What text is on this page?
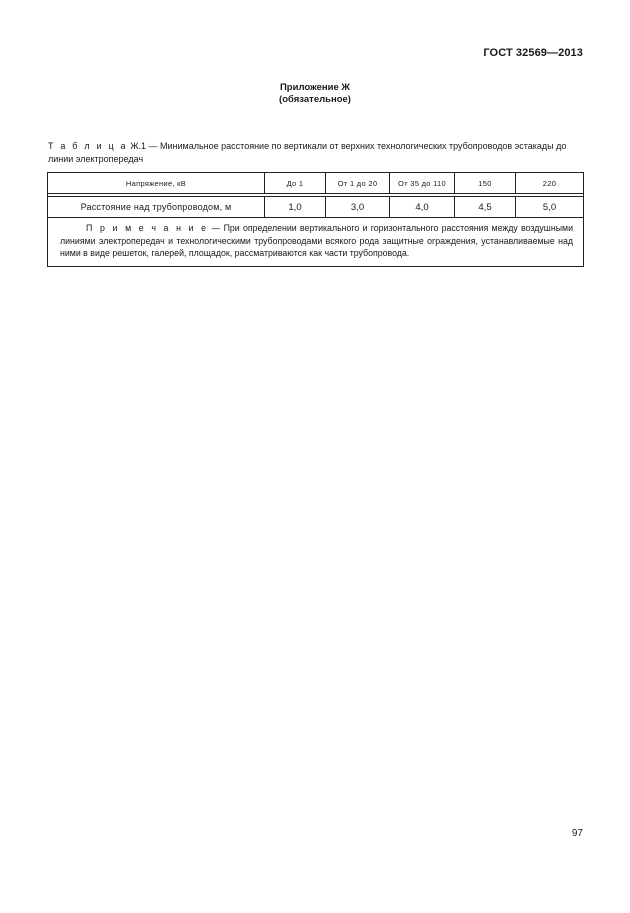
ГОСТ 32569—2013
Приложение Ж
(обязательное)
Т а б л и ц а Ж.1 — Минимальное расстояние по вертикали от верхних технологических трубопроводов эстакады до линии электропередач
Напряжение, кВ	До 1	От 1 до 20	От 35 до 110	150	220

Расстояние над трубопроводом, м	1,0	3,0	4,0	4,5	5,0
П р и м е ч а н и е — При определении вертикального и горизонтального расстояния между воздушными линиями электропередач и технологическими трубопроводами всякого рода защитные ограждения, устанавливаемые над ними в виде решеток, галерей, площадок, рассматриваются как части трубопровода.					
97
